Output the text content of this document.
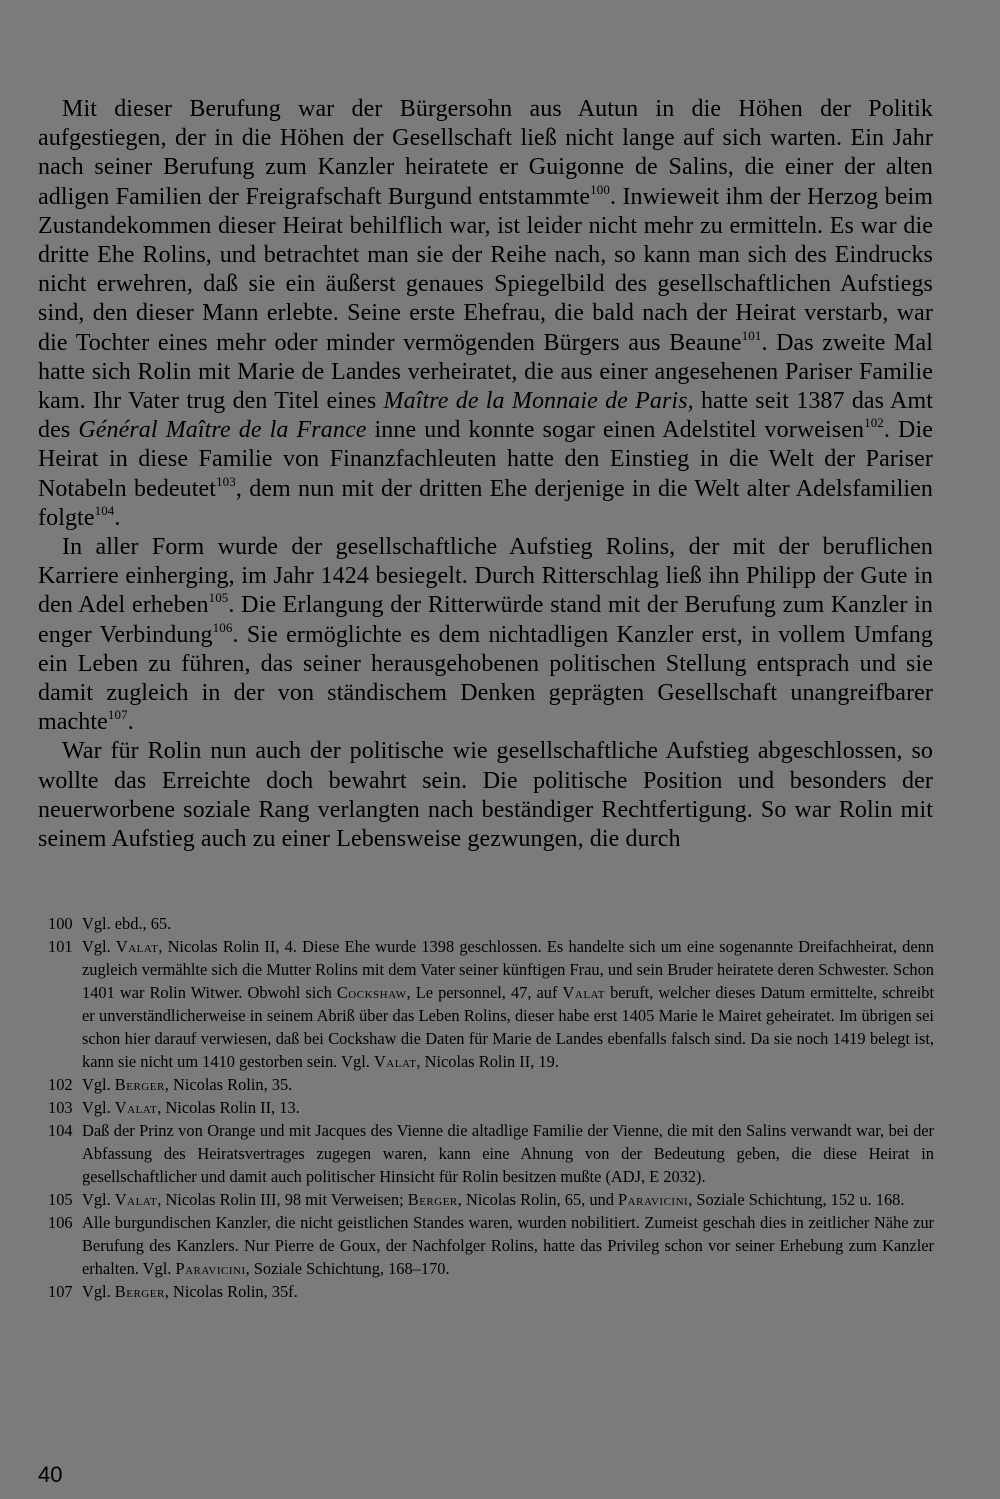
Mit dieser Berufung war der Bürgersohn aus Autun in die Höhen der Politik aufgestiegen, der in die Höhen der Gesellschaft ließ nicht lange auf sich warten. Ein Jahr nach seiner Berufung zum Kanzler heiratete er Guigonne de Salins, die einer der alten adligen Familien der Freigrafschaft Burgund entstammte$^{100}$. Inwieweit ihm der Herzog beim Zustandekommen dieser Heirat behilflich war, ist leider nicht mehr zu ermitteln. Es war die dritte Ehe Rolins, und betrachtet man sie der Reihe nach, so kann man sich des Eindrucks nicht erwehren, daß sie ein äußerst genaues Spiegelbild des gesellschaftlichen Aufstiegs sind, den dieser Mann erlebte. Seine erste Ehefrau, die bald nach der Heirat verstarb, war die Tochter eines mehr oder minder vermögenden Bürgers aus Beaune$^{101}$. Das zweite Mal hatte sich Rolin mit Marie de Landes verheiratet, die aus einer angesehenen Pariser Familie kam. Ihr Vater trug den Titel eines Maître de la Monnaie de Paris, hatte seit 1387 das Amt des Général Maître de la France inne und konnte sogar einen Adelstitel vorweisen$^{102}$. Die Heirat in diese Familie von Finanzfachleuten hatte den Einstieg in die Welt der Pariser Notabeln bedeutet$^{103}$, dem nun mit der dritten Ehe derjenige in die Welt alter Adelsfamilien folgte$^{104}$.

In aller Form wurde der gesellschaftliche Aufstieg Rolins, der mit der beruflichen Karriere einherging, im Jahr 1424 besiegelt. Durch Ritterschlag ließ ihn Philipp der Gute in den Adel erheben$^{105}$. Die Erlangung der Ritterwürde stand mit der Berufung zum Kanzler in enger Verbindung$^{106}$. Sie ermöglichte es dem nichtadligen Kanzler erst, in vollem Umfang ein Leben zu führen, das seiner herausgehobenen politischen Stellung entsprach und sie damit zugleich in der von ständischem Denken geprägten Gesellschaft unangreifbarer machte$^{107}$.

War für Rolin nun auch der politische wie gesellschaftliche Aufstieg abgeschlossen, so wollte das Erreichte doch bewahrt sein. Die politische Position und besonders der neuerworbene soziale Rang verlangten nach beständiger Rechtfertigung. So war Rolin mit seinem Aufstieg auch zu einer Lebensweise gezwungen, die durch

100 Vgl. ebd., 65.
101 Vgl. Valat, Nicolas Rolin II, 4. Diese Ehe wurde 1398 geschlossen. Es handelte sich um eine sogenannte Dreifachheirat, denn zugleich vermählte sich die Mutter Rolins mit dem Vater seiner künftigen Frau, und sein Bruder heiratete deren Schwester. Schon 1401 war Rolin Witwer. Obwohl sich Cockshaw, Le personnel, 47, auf Valat beruft, welcher dieses Datum ermittelte, schreibt er unverständlicherweise in seinem Abriß über das Leben Rolins, dieser habe erst 1405 Marie le Mairet geheiratet. Im übrigen sei schon hier darauf verwiesen, daß bei Cockshaw die Daten für Marie de Landes ebenfalls falsch sind. Da sie noch 1419 belegt ist, kann sie nicht um 1410 gestorben sein. Vgl. Valat, Nicolas Rolin II, 19.
102 Vgl. Berger, Nicolas Rolin, 35.
103 Vgl. Valat, Nicolas Rolin II, 13.
104 Daß der Prinz von Orange und mit Jacques des Vienne die altadlige Familie der Vienne, die mit den Salins verwandt war, bei der Abfassung des Heiratsvertrages zugegen waren, kann eine Ahnung von der Bedeutung geben, die diese Heirat in gesellschaftlicher und damit auch politischer Hinsicht für Rolin besitzen mußte (ADJ, E 2032).
105 Vgl. Valat, Nicolas Rolin III, 98 mit Verweisen; Berger, Nicolas Rolin, 65, und Paravicini, Soziale Schichtung, 152 u. 168.
106 Alle burgundischen Kanzler, die nicht geistlichen Standes waren, wurden nobilitiert. Zumeist geschah dies in zeitlicher Nähe zur Berufung des Kanzlers. Nur Pierre de Goux, der Nachfolger Rolins, hatte das Privileg schon vor seiner Erhebung zum Kanzler erhalten. Vgl. Paravicini, Soziale Schichtung, 168–170.
107 Vgl. Berger, Nicolas Rolin, 35f.
40
